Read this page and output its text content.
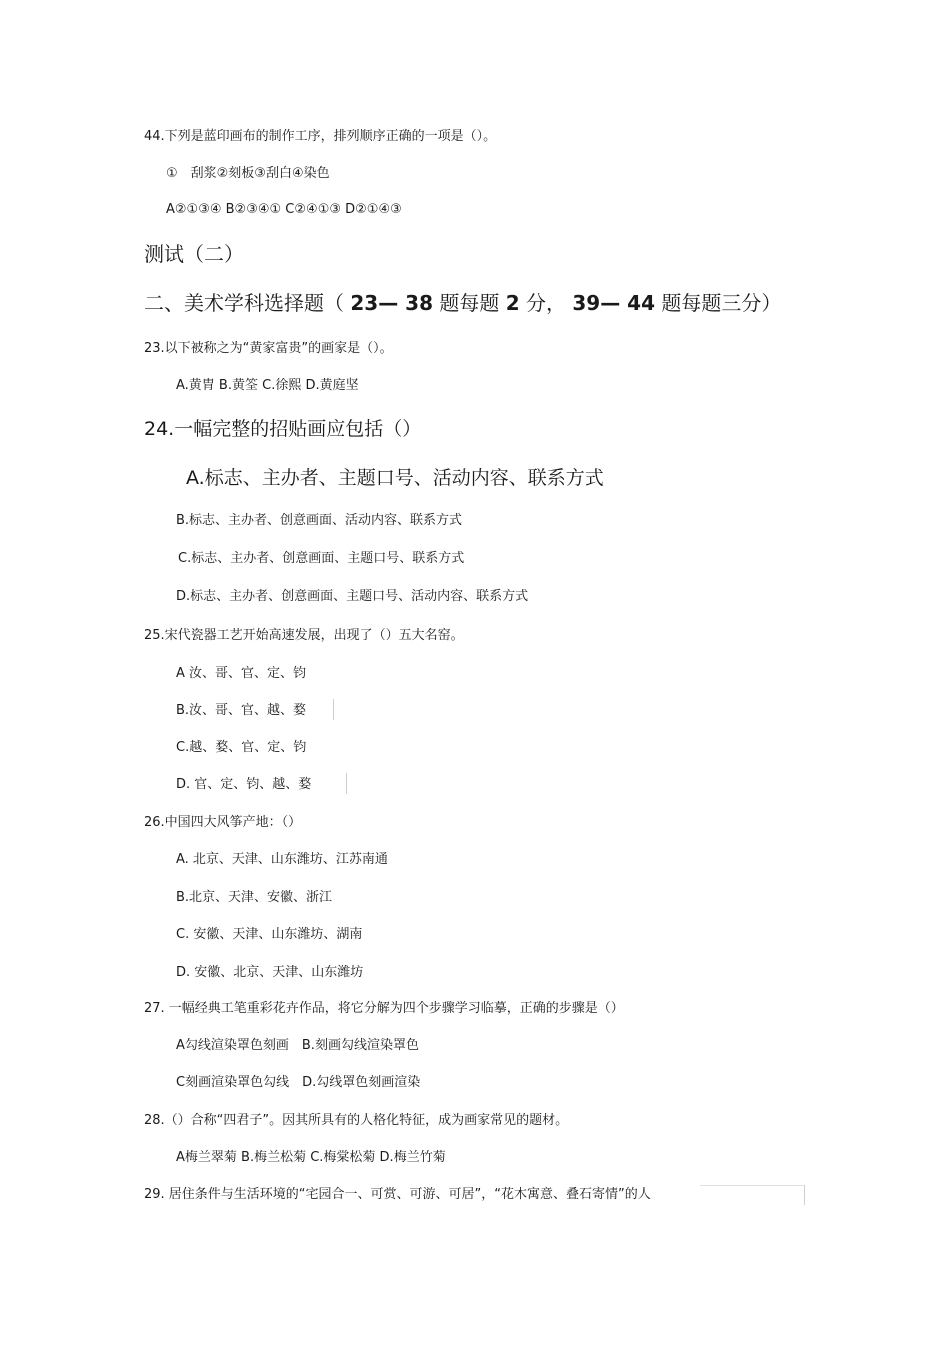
44.下列是蓝印画布的制作工序，排列顺序正确的一项是（）。
①　刮浆②刻板③刮白④染色
A②①③④ B②③④① C②④①③ D②①④③
测试（二）
二、美术学科选择题（ 23— 38 题每题 2 分， 39— 44 题每题三分）
23.以下被称之为“黄家富贵”的画家是（）。
A.黄胄 B.黄筌 C.徐熙 D.黄庭坚
24.一幅完整的招贴画应包括（）
A.标志、主办者、主题口号、活动内容、联系方式
B.标志、主办者、创意画面、活动内容、联系方式
C.标志、主办者、创意画面、主题口号、联系方式
D.标志、主办者、创意画面、主题口号、活动内容、联系方式
25.宋代瓷器工艺开始高速发展，出现了（）五大名窑。
A 汝、哥、官、定、钧
B.汝、哥、官、越、婺
C.越、婺、官、定、钧
D. 官、定、钧、越、婺
26.中国四大风筝产地：（）
A. 北京、天津、山东潍坊、江苏南通
B.北京、天津、安徽、浙江
C. 安徽、天津、山东潍坊、湖南
D. 安徽、北京、天津、山东潍坊
27. 一幅经典工笔重彩花卉作品，将它分解为四个步骤学习临摹，正确的步骤是（）
A勾线渲染罩色刻画　B.刻画勾线渲染罩色
C刻画渲染罩色勾线　D.勾线罩色刻画渲染
28.（）合称“四君子”。因其所具有的人格化特征，成为画家常见的题材。
A梅兰翠菊 B.梅兰松菊 C.梅棠松菊 D.梅兰竹菊
29. 居住条件与生活环境的“宅园合一、可赏、可游、可居”，“花木寓意、叠石寄情”的人
